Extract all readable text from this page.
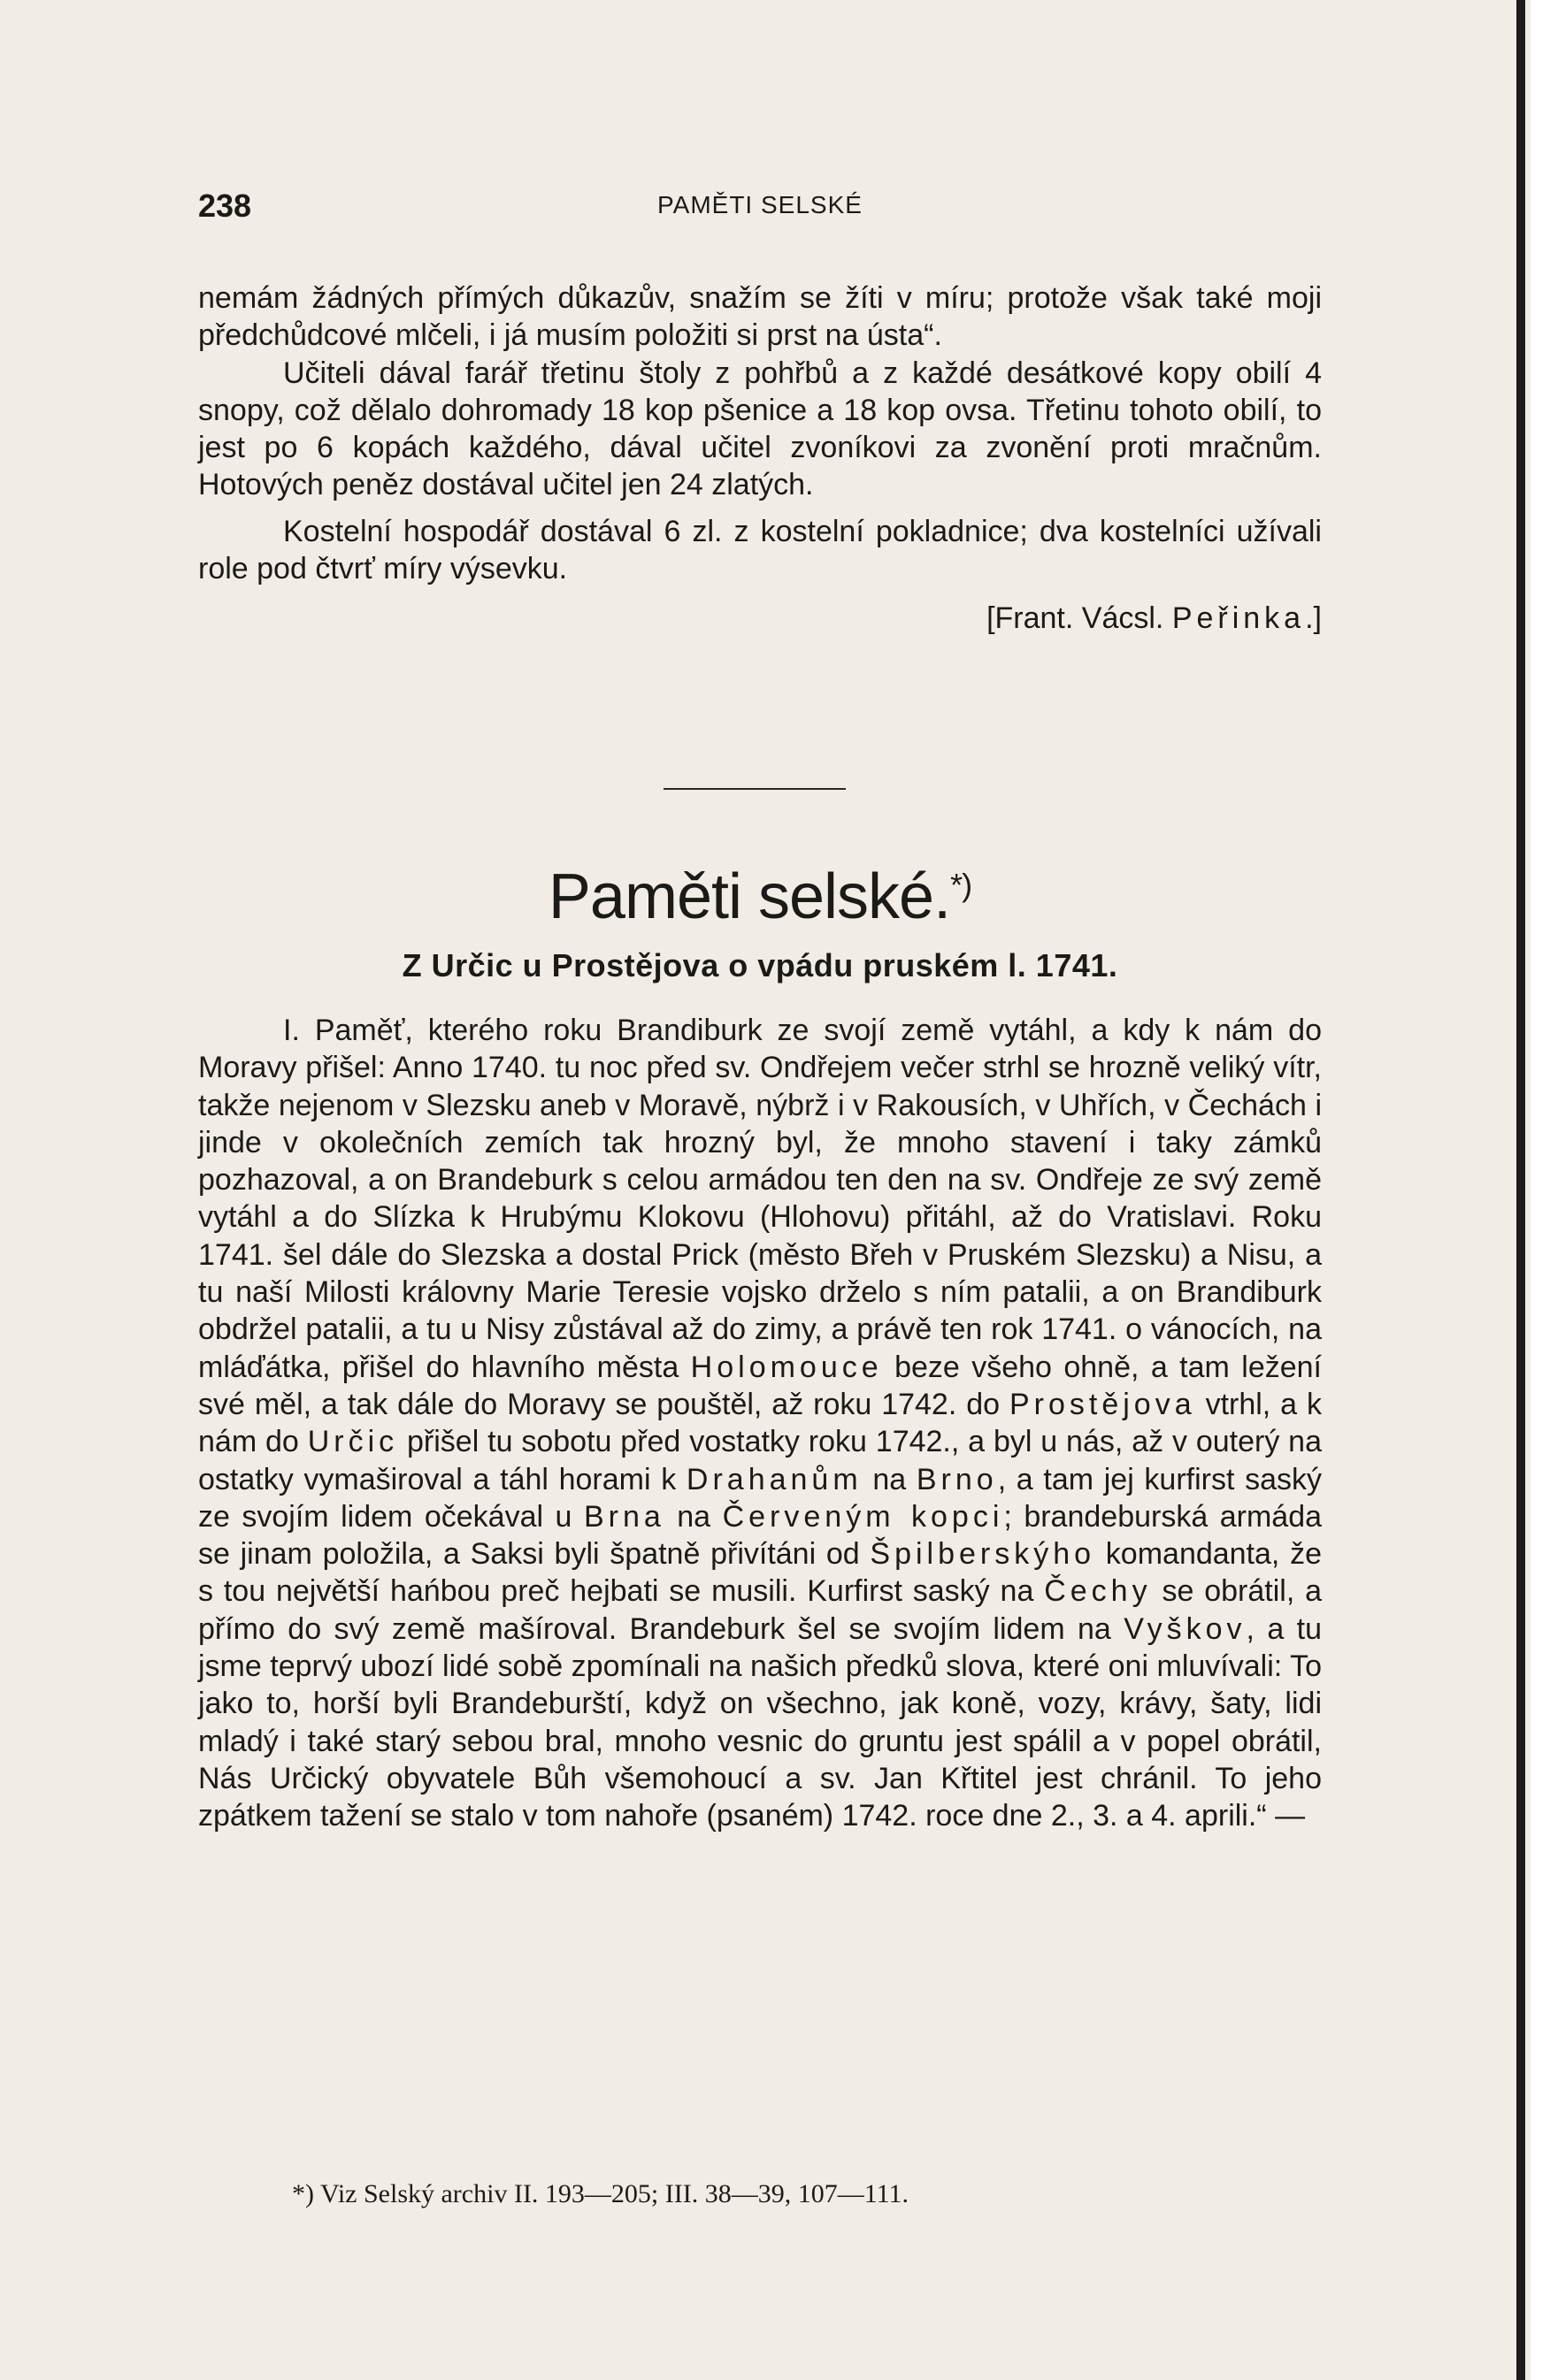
238	PAMĚTI SELSKÉ

nemám žádných přímých důkazův, snažím se žíti v míru; protože však také moji předchůdcové mlčeli, i já musím položiti si prst na ústa“.

Učiteli dával farář třetinu štoly z pohřbů a z každé desátkové kopy obilí 4 snopy, což dělalo dohromady 18 kop pšenice a 18 kop ovsa. Třetinu tohoto obilí, to jest po 6 kopách každého, dával učitel zvoníkovi za zvonění proti mračnům. Hotových peněz dostával učitel jen 24 zlatých.

Kostelní hospodář dostával 6 zl. z kostelní pokladnice; dva kostelníci užívali role pod čtvrť míry výsevku.

[Frant. Vácsl. Peřinka.]
Paměti selské.*)
Z Určic u Prostějova o vpádu pruském l. 1741.

I. Paměť, kterého roku Brandiburk ze svojí země vytáhl, a kdy k nám do Moravy přišel: Anno 1740. tu noc před sv. Ondřejem večer strhl se hrozně veliký vítr, takže nejenom v Slezsku aneb v Moravě, nýbrž i v Rakousích, v Uhřích, v Čechách i jinde v okolečních zemích tak hrozný byl, že mnoho stavení i taky zámků pozhazoval, a on Brandeburk s celou armádou ten den na sv. Ondřeje ze svý země vytáhl a do Slízka k Hrubýmu Klokovu (Hlohovu) přitáhl, až do Vratislavi. Roku 1741. šel dále do Slezska a dostal Prick (město Břeh v Pruském Slezsku) a Nisu, a tu naší Milosti královny Marie Teresie vojsko drželo s ním patalii, a on Brandiburk obdržel patalii, a tu u Nisy zůstával až do zimy, a právě ten rok 1741. o vánocích, na mláďátka, přišel do hlavního města Holomouce beze všeho ohně, a tam ležení své měl, a tak dále do Moravy se pouštěl, až roku 1742. do Prostějova vtrhl, a k nám do Určic přišel tu sobotu před vostatky roku 1742., a byl u nás, až v outerý na ostatky vymaširoval a táhl horami k Drahanům na Brno, a tam jej kurfirst saský ze svojím lidem očekával u Brna na Červeným kopci; brandeburská armáda se jinam položila, a Saksi byli špatně přivítáni od Špilberskýho komandanta, že s tou největší hańbou preč hejbati se musili. Kurfirst saský na Čechy se obrátil, a přímo do svý země mašíroval. Brandeburk šel se svojím lidem na Vyškov, a tu jsme teprvý ubozí lidé sobě zpomínali na našich předků slova, které oni mluvívali: To jako to, horší byli Brandeburští, když on všechno, jak koně, vozy, krávy, šaty, lidi mladý i také starý sebou bral, mnoho vesnic do gruntu jest spálil a v popel obrátil, Nás Určický obyvatele Bůh všemohoucí a sv. Jan Křtitel jest chránil. To jeho zpátkem tažení se stalo v tom nahoře (psaném) 1742. roce dne 2., 3. a 4. aprili.“ —

*) Viz Selský archiv II. 193—205; III. 38—39, 107—111.
